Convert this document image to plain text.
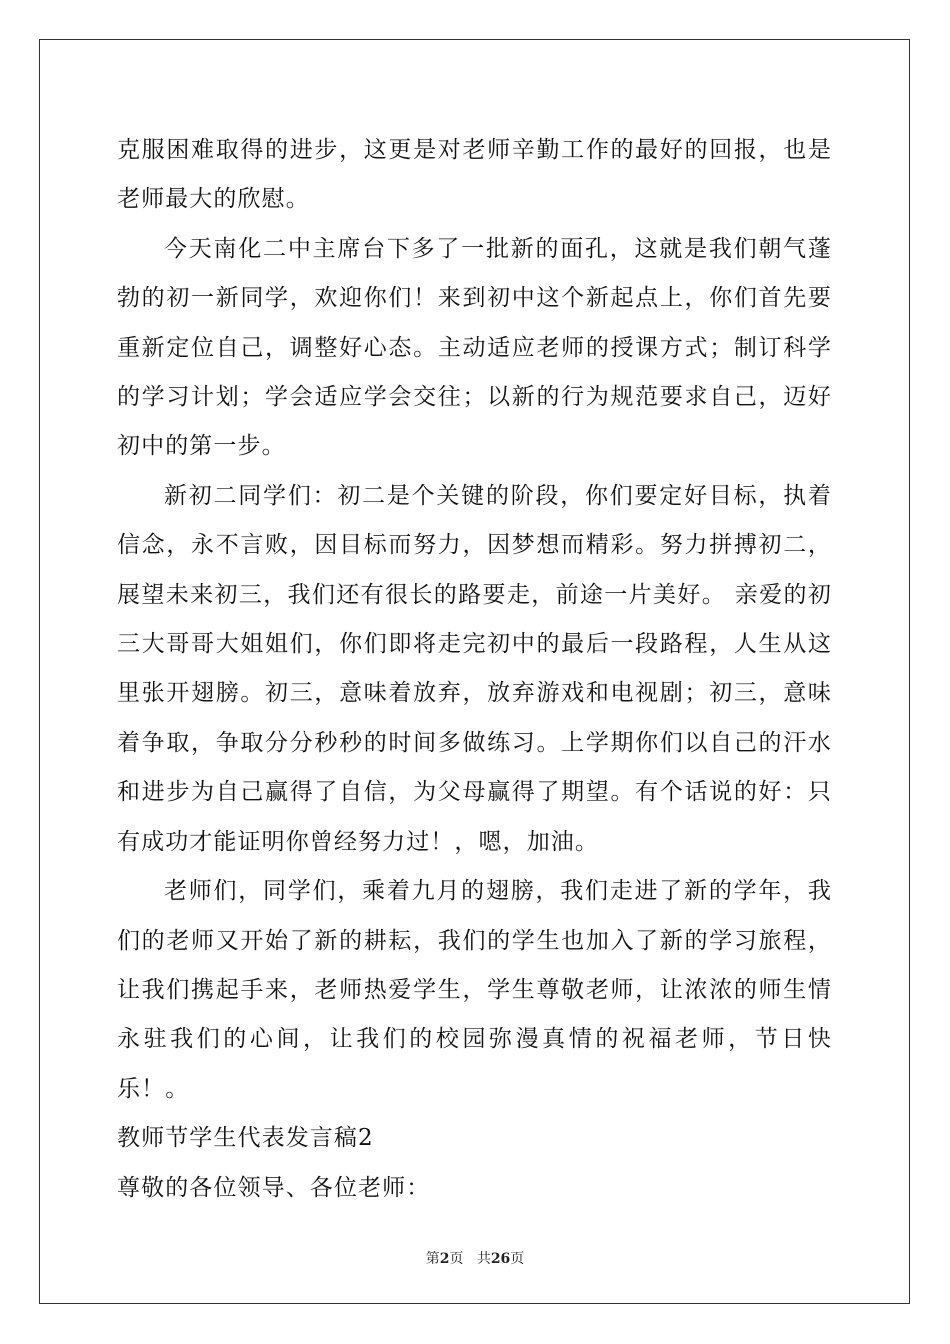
克服困难取得的进步，这更是对老师辛勤工作的最好的回报，也是老师最大的欣慰。

今天南化二中主席台下多了一批新的面孔，这就是我们朝气蓬勃的初一新同学，欢迎你们！来到初中这个新起点上，你们首先要重新定位自己，调整好心态。主动适应老师的授课方式；制订科学的学习计划；学会适应学会交往；以新的行为规范要求自己，迈好初中的第一步。

新初二同学们：初二是个关键的阶段，你们要定好目标，执着信念，永不言败，因目标而努力，因梦想而精彩。努力拼搏初二，展望未来初三，我们还有很长的路要走，前途一片美好。 亲爱的初三大哥哥大姐姐们，你们即将走完初中的最后一段路程，人生从这里张开翅膀。初三，意味着放弃，放弃游戏和电视剧；初三，意味着争取，争取分分秒秒的时间多做练习。上学期你们以自己的汗水和进步为自己赢得了自信，为父母赢得了期望。有个话说的好：只有成功才能证明你曾经努力过！，嗯，加油。

老师们，同学们，乘着九月的翅膀，我们走进了新的学年，我们的老师又开始了新的耕耘，我们的学生也加入了新的学习旅程，让我们携起手来，老师热爱学生，学生尊敬老师，让浓浓的师生情永驻我们的心间，让我们的校园弥漫真情的祝福老师，节日快乐！。

教师节学生代表发言稿2

尊敬的各位领导、各位老师：

第2页 共26页
